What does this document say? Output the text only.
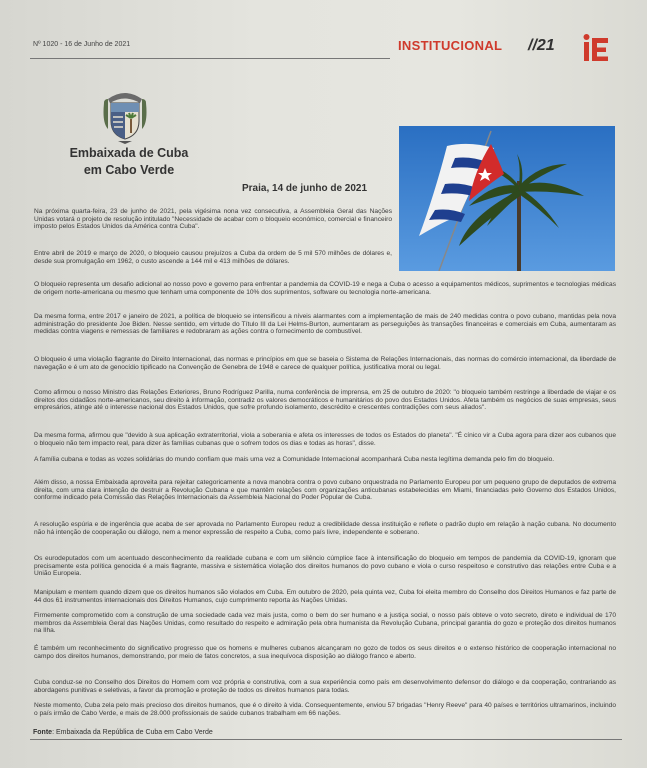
Nº 1020 - 16 de Junho de 2021	INSTITUCIONAL //21
Embaixada de Cuba em Cabo Verde
Praia, 14 de junho de 2021

Na próxima quarta-feira, 23 de junho de 2021, pela vigésima nona vez consecutiva, a Assembleia Geral das Nações Unidas votará o projeto de resolução intitulado "Necessidade de acabar com o bloqueio económico, comercial e financeiro imposto pelos Estados Unidos da América contra Cuba".

Entre abril de 2019 e março de 2020, o bloqueio causou prejuízos a Cuba da ordem de 5 mil 570 milhões de dólares e, desde sua promulgação em 1962, o custo ascende a 144 mil e 413 milhões de dólares.

O bloqueio representa um desafio adicional ao nosso povo e governo para enfrentar a pandemia da COVID-19 e nega a Cuba o acesso a equipamentos médicos, suprimentos e tecnologias médicas de origem norte-americana ou mesmo que tenham uma componente de 10% dos suprimentos, software ou tecnologia norte-americana.

Da mesma forma, entre 2017 e janeiro de 2021, a política de bloqueio se intensificou a níveis alarmantes com a implementação de mais de 240 medidas contra o povo cubano, mantidas pela nova administração do presidente Joe Biden. Nesse sentido, em virtude do Título III da Lei Helms-Burton, aumentaram as perseguições às transações financeiras e comerciais em Cuba, aumentaram as medidas contra viagens e remessas de familiares e redobraram as ações contra o fornecimento de combustível.

O bloqueio é uma violação flagrante do Direito Internacional, das normas e princípios em que se baseia o Sistema de Relações Internacionais, das normas do comércio internacional, da liberdade de navegação e é um ato de genocídio tipificado na Convenção de Genebra de 1948 e carece de qualquer política, justificativa moral ou legal.

Como afirmou o nosso Ministro das Relações Exteriores, Bruno Rodríguez Parilla, numa conferência de imprensa, em 25 de outubro de 2020: "o bloqueio também restringe a liberdade de viajar e os direitos dos cidadãos norte-americanos, seu direito à informação, contradiz os valores democráticos e humanitários do povo dos Estados Unidos. Afeta também os negócios de suas empresas, seus empresários, atinge até o interesse nacional dos Estados Unidos, que sofre profundo isolamento, descrédito e crescentes contradições com seus aliados".

Da mesma forma, afirmou que "devido à sua aplicação extraterritorial, viola a soberania e afeta os interesses de todos os Estados do planeta". "É cínico vir a Cuba agora para dizer aos cubanos que o bloqueio não tem impacto real, para dizer às famílias cubanas que o sofrem todos os dias e todas as horas", disse.

A família cubana e todas as vozes solidárias do mundo confiam que mais uma vez a Comunidade Internacional acompanhará Cuba nesta legítima demanda pelo fim do bloqueio.

Além disso, a nossa Embaixada aproveita para rejeitar categoricamente a nova manobra contra o povo cubano orquestrada no Parlamento Europeu por um pequeno grupo de deputados de extrema direita, com uma clara intenção de destruir a Revolução Cubana e que mantêm relações com organizações anticubanas estabelecidas em Miami, financiadas pelo Governo dos Estados Unidos, conforme indicado pela Comissão das Relações Internacionais da Assembleia Nacional do Poder Popular de Cuba.

A resolução espúria e de ingerência que acaba de ser aprovada no Parlamento Europeu reduz a credibilidade dessa instituição e reflete o padrão duplo em relação à nação cubana. No documento não há intenção de cooperação ou diálogo, nem a menor expressão de respeito a Cuba, como país livre, independente e soberano.

Os eurodeputados com um acentuado desconhecimento da realidade cubana e com um silêncio cúmplice face à intensificação do bloqueio em tempos de pandemia da COVID-19, ignoram que precisamente esta política genocida é a mais flagrante, massiva e sistemática violação dos direitos humanos do povo cubano e viola o curso respeitoso e construtivo das relações entre Cuba e a União Europeia.

Manipulam e mentem quando dizem que os direitos humanos são violados em Cuba. Em outubro de 2020, pela quinta vez, Cuba foi eleita membro do Conselho dos Direitos Humanos e faz parte de 44 dos 61 instrumentos internacionais dos Direitos Humanos, cujo cumprimento reporta às Nações Unidas.

Firmemente comprometido com a construção de uma sociedade cada vez mais justa, como o bem do ser humano e a justiça social, o nosso país obteve o voto secreto, direto e individual de 170 membros da Assembleia Geral das Nações Unidas, como resultado do respeito e admiração pela obra humanista da Revolução Cubana, principal garantia do gozo e proteção dos direitos humanos na Ilha.

É também um reconhecimento do significativo progresso que os homens e mulheres cubanos alcançaram no gozo de todos os seus direitos e o extenso histórico de cooperação internacional no campo dos direitos humanos, demonstrando, por meio de fatos concretos, a sua inequívoca disposição ao diálogo franco e aberto.

Cuba conduz-se no Conselho dos Direitos do Homem com voz própria e construtiva, com a sua experiência como país em desenvolvimento defensor do diálogo e da cooperação, contrariando as abordagens punitivas e seletivas, a favor da promoção e proteção de todos os direitos humanos para todas.

Neste momento, Cuba zela pelo mais precioso dos direitos humanos, que é o direito à vida. Consequentemente, enviou 57 brigadas "Henry Reeve" para 40 países e territórios ultramarinos, incluindo o país irmão de Cabo Verde, e mais de 28.000 profissionais de saúde cubanos trabalham em 66 nações.

Fonte: Embaixada da República de Cuba em Cabo Verde
